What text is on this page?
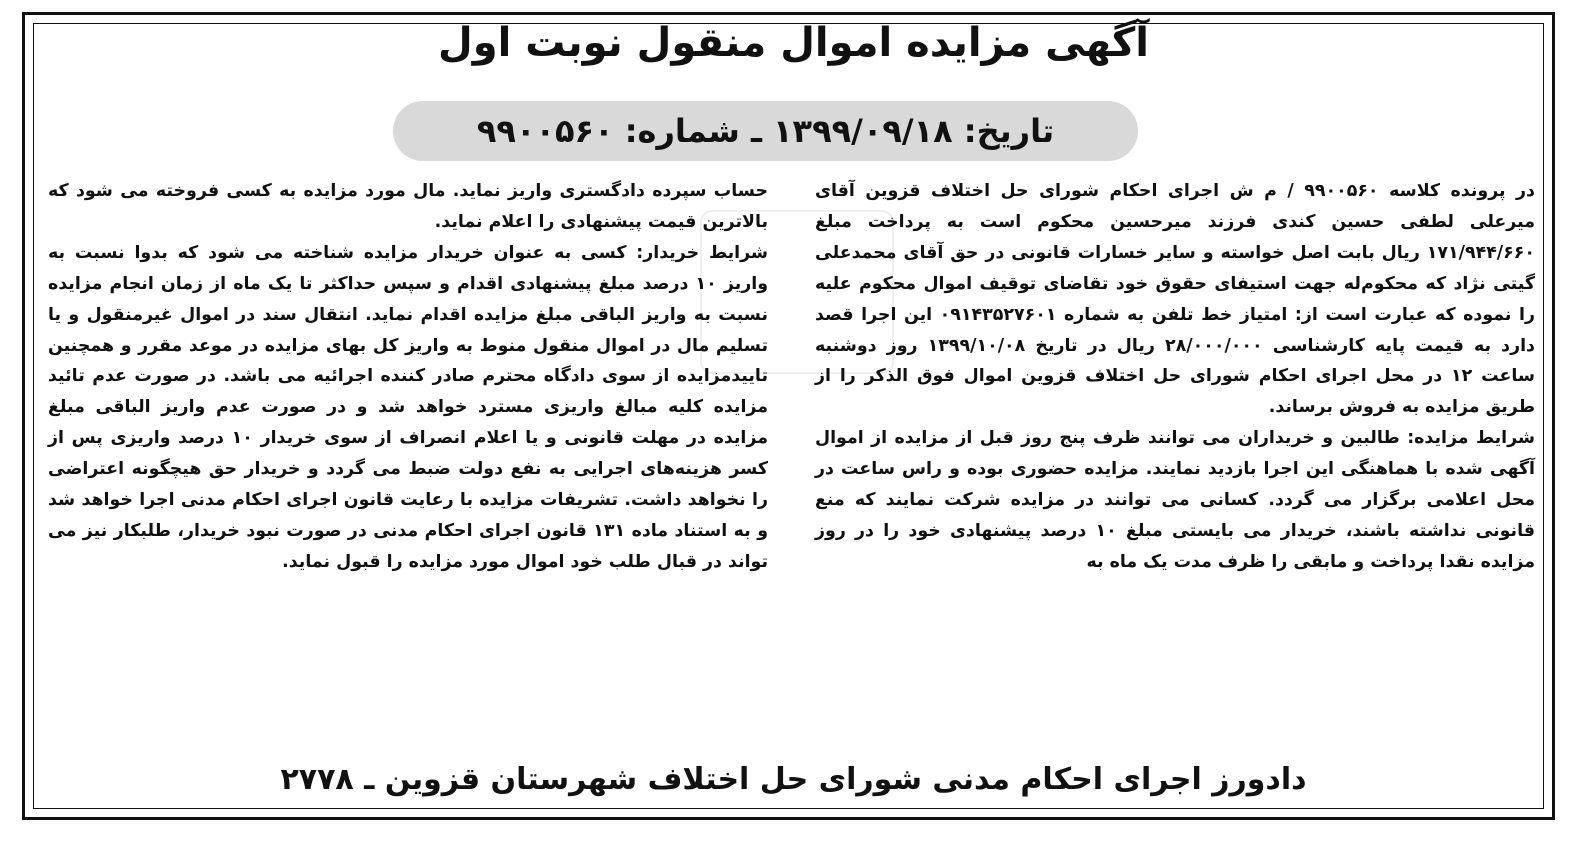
آگهی مزایده اموال منقول نوبت اول
تاریخ: ۱۳۹۹/۰۹/۱۸ ـ شماره: ۹۹۰۰۵۶۰

در پرونده کلاسه ۹۹۰۰۵۶۰ / م ش اجرای احکام شورای حل اختلاف قزوین آقای میرعلی لطفی حسین کندی فرزند میرحسین محکوم است به پرداخت مبلغ ۱۷۱/۹۴۴/۶۶۰ ریال بابت اصل خواسته و سایر خسارات قانونی در حق آقای محمدعلی گیتی نژاد که محکوم‌له جهت استیفای حقوق خود تقاضای توقیف اموال محکوم علیه را نموده که عبارت است از: امتیاز خط تلفن به شماره ۰۹۱۴۳۵۲۷۶۰۱ این اجرا قصد دارد به قیمت پایه کارشناسی ۲۸/۰۰۰/۰۰۰ ریال در تاریخ ۱۳۹۹/۱۰/۰۸ روز دوشنبه ساعت ۱۲ در محل اجرای احکام شورای حل اختلاف قزوین اموال فوق الذکر را از طریق مزایده به فروش برساند.

شرایط مزایده: طالبین و خریداران می توانند ظرف پنج روز قبل از مزایده از اموال آگهی شده با هماهنگی این اجرا بازدید نمایند. مزایده حضوری بوده و راس ساعت در محل اعلامی برگزار می گردد. کسانی می توانند در مزایده شرکت نمایند که منع قانونی نداشته باشند، خریدار می بایستی مبلغ ۱۰ درصد پیشنهادی خود را در روز مزایده نقدا پرداخت و مابقی را ظرف مدت یک ماه به

حساب سپرده دادگستری واریز نماید. مال مورد مزایده به کسی فروخته می شود که بالاترین قیمت پیشنهادی را اعلام نماید.

شرایط خریدار: کسی به عنوان خریدار مزایده شناخته می شود که بدوا نسبت به واریز ۱۰ درصد مبلغ پیشنهادی اقدام و سپس حداکثر تا یک ماه از زمان انجام مزایده نسبت به واریز الباقی مبلغ مزایده اقدام نماید. انتقال سند در اموال غیرمنقول و یا تسلیم مال در اموال منقول منوط به واریز کل بهای مزایده در موعد مقرر و همچنین تاییدمزایده از سوی دادگاه محترم صادر کننده اجرائیه می باشد. در صورت عدم تائید مزایده کلیه مبالغ واریزی مسترد خواهد شد و در صورت عدم واریز الباقی مبلغ مزایده در مهلت قانونی و یا اعلام انصراف از سوی خریدار ۱۰ درصد واریزی پس از کسر هزینه‌های اجرایی به نفع دولت ضبط می گردد و خریدار حق هیچگونه اعتراضی را نخواهد داشت. تشریفات مزایده با رعایت قانون اجرای احکام مدنی اجرا خواهد شد و به استناد ماده ۱۳۱ قانون اجرای احکام مدنی در صورت نبود خریدار، طلبکار نیز می تواند در قبال طلب خود اموال مورد مزایده را قبول نماید.

دادورز اجرای احکام مدنی شورای حل اختلاف شهرستان قزوین ـ ۲۷۷۸
